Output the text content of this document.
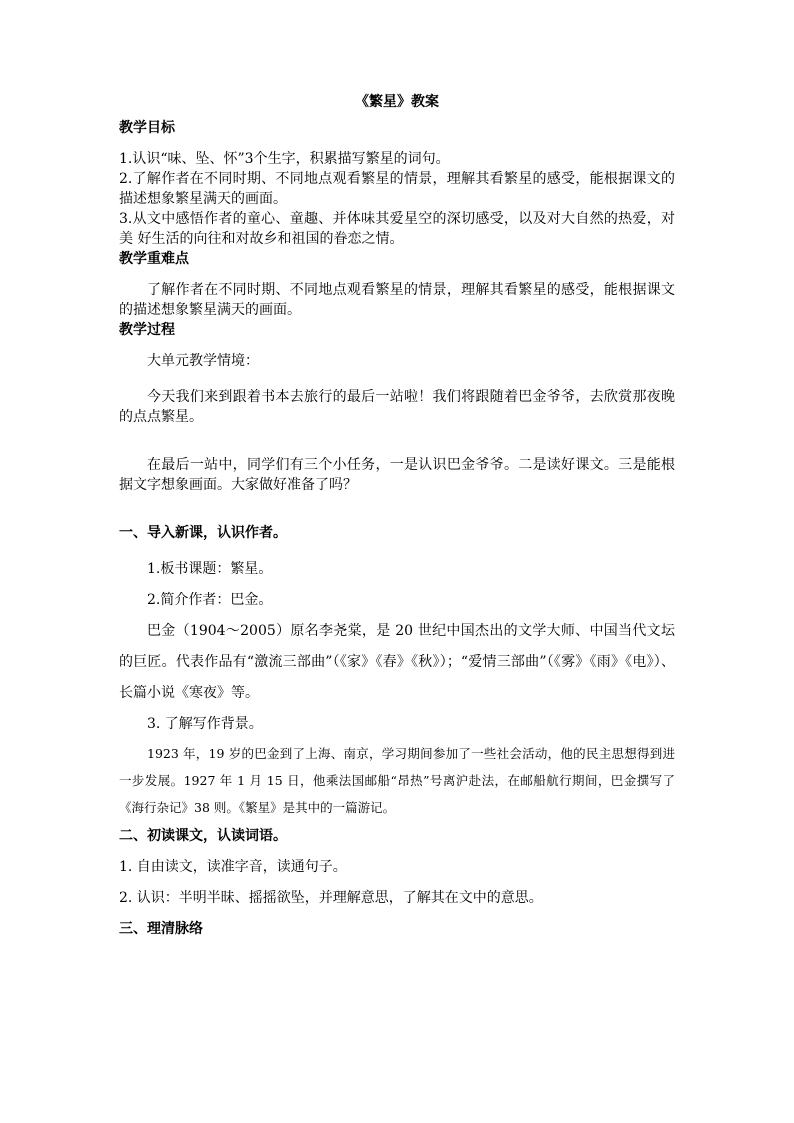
《繁星》教案
教学目标
1.认识“味、坠、怀”3个生字，积累描写繁星的词句。
2.了解作者在不同时期、不同地点观看繁星的情景，理解其看繁星的感受，能根据课文的描述想象繁星满天的画面。
3.从文中感悟作者的童心、童趣、并体味其爱星空的深切感受，以及对大自然的热爱，对美 好生活的向往和对故乡和祖国的眷恋之情。
教学重难点
了解作者在不同时期、不同地点观看繁星的情景，理解其看繁星的感受，能根据课文的描述想象繁星满天的画面。
教学过程
大单元教学情境：
今天我们来到跟着书本去旅行的最后一站啦！我们将跟随着巴金爷爷，去欣赏那夜晚的点点繁星。
在最后一站中，同学们有三个小任务，一是认识巴金爷爷。二是读好课文。三是能根据文字想象画面。大家做好准备了吗？
一、导入新课，认识作者。
1.板书课题：繁星。
2.简介作者：巴金。
巴金（1904～2005）原名李尧棠，是 20 世纪中国杰出的文学大师、中国当代文坛的巨匠。代表作品有“激流三部曲”（《家》《春》《秋》）；“爱情三部曲”（《雾》《雨》《电》）、长篇小说《寒夜》等。
3. 了解写作背景。
1923 年，19 岁的巴金到了上海、南京，学习期间参加了一些社会活动，他的民主思想得到进一步发展。1927 年 1 月 15 日，他乘法国邮船“昂热”号离沪赴法，在邮船航行期间，巴金撰写了《海行杂记》38 则。《繁星》是其中的一篇游记。
二、初读课文，认读词语。
1. 自由读文，读准字音，读通句子。
2. 认识：半明半昧、摇摇欲坠，并理解意思，了解其在文中的意思。
三、理清脉络
